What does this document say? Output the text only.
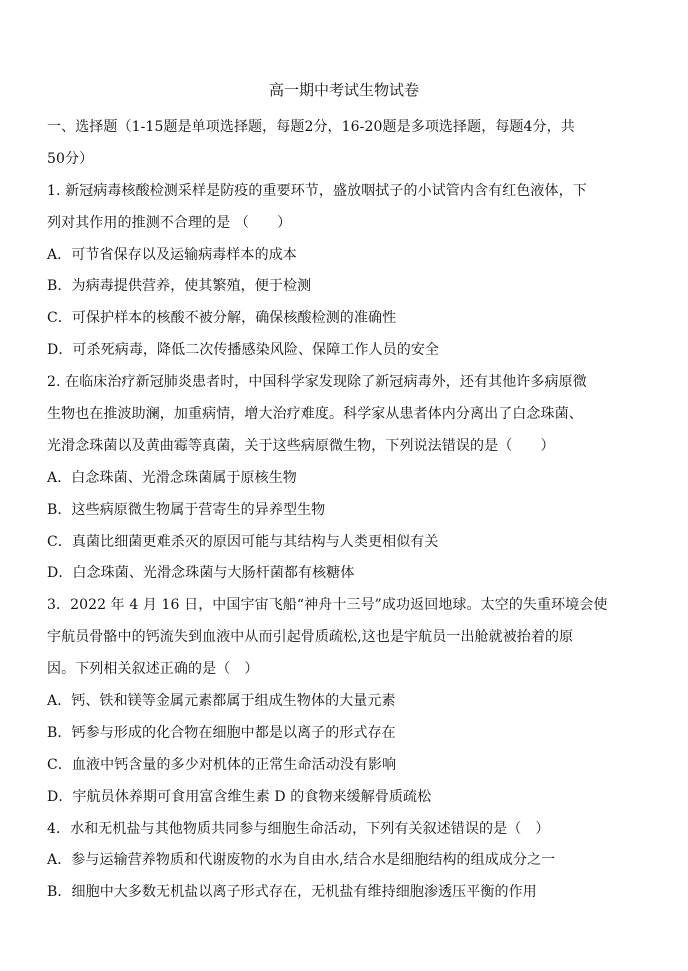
高一期中考试生物试卷
一、选择题（1-15题是单项选择题，每题2分，16-20题是多项选择题，每题4分，共
50分）
1. 新冠病毒核酸检测采样是防疫的重要环节，盛放咽拭子的小试管内含有红色液体，下
列对其作用的推测不合理的是 （　　）
A．可节省保存以及运输病毒样本的成本
B．为病毒提供营养，使其繁殖，便于检测
C．可保护样本的核酸不被分解，确保核酸检测的准确性
D．可杀死病毒，降低二次传播感染风险、保障工作人员的安全
2. 在临床治疗新冠肺炎患者时，中国科学家发现除了新冠病毒外，还有其他许多病原微
生物也在推波助澜，加重病情，增大治疗难度。科学家从患者体内分离出了白念珠菌、
光滑念珠菌以及黄曲霉等真菌，关于这些病原微生物，下列说法错误的是（　　）
A．白念珠菌、光滑念珠菌属于原核生物
B．这些病原微生物属于营寄生的异养型生物
C．真菌比细菌更难杀灭的原因可能与其结构与人类更相似有关
D．白念珠菌、光滑念珠菌与大肠杆菌都有核糖体
3．2022 年 4 月 16 日，中国宇宙飞船“神舟十三号”成功返回地球。太空的失重环境会使
宇航员骨骼中的钙流失到血液中从而引起骨质疏松,这也是宇航员一出舱就被抬着的原
因。下列相关叙述正确的是（　）
A．钙、铁和镁等金属元素都属于组成生物体的大量元素
B．钙参与形成的化合物在细胞中都是以离子的形式存在
C．血液中钙含量的多少对机体的正常生命活动没有影响
D．宇航员休养期可食用富含维生素 D 的食物来缓解骨质疏松
4．水和无机盐与其他物质共同参与细胞生命活动，下列有关叙述错误的是（　）
A．参与运输营养物质和代谢废物的水为自由水,结合水是细胞结构的组成成分之一
B．细胞中大多数无机盐以离子形式存在，无机盐有维持细胞渗透压平衡的作用
